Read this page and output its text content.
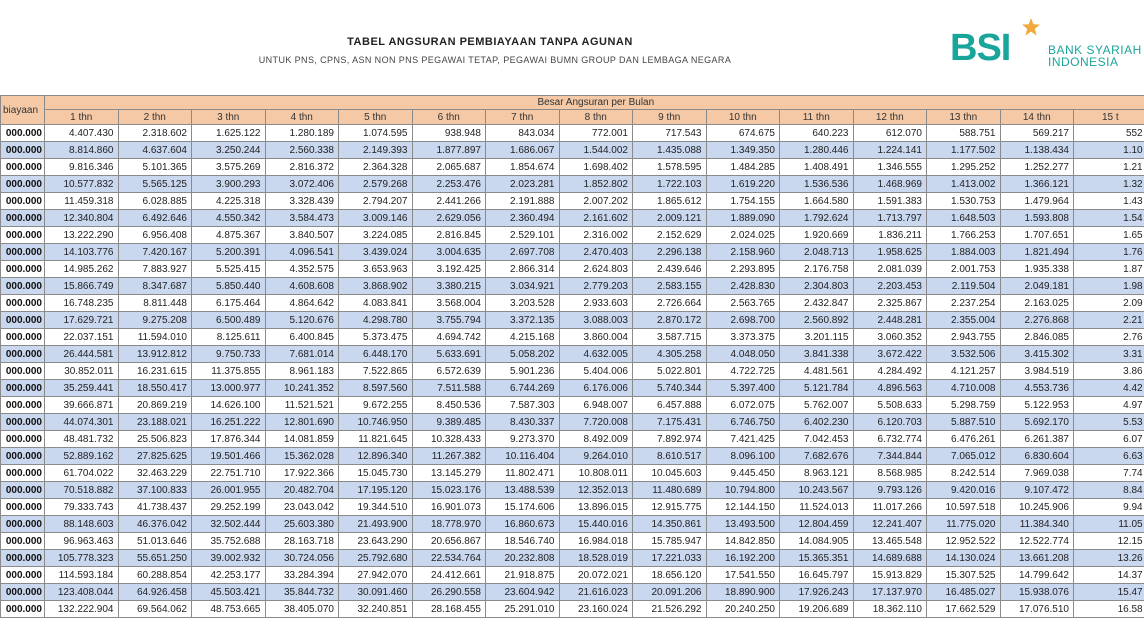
TABEL ANGSURAN PEMBIAYAAN TANPA AGUNAN
UNTUK PNS, CPNS, ASN NON PNS PEGAWAI TETAP, PEGAWAI BUMN GROUP DAN LEMBAGA NEGARA	BSI	BANK SYARIAH
INDONESIA
biayaan	Besar Angsuran per Bulan														
	1 thn	2 thn	3 thn	4 thn	5 thn	6 thn	7 thn	8 thn	9 thn	10 thn	11 thn	12 thn	13 thn	14 thn	15 t
000.000	4.407.430	2.318.602	1.625.122	1.280.189	1.074.595	938.948	843.034	772.001	717.543	674.675	640.223	612.070	588.751	569.217	552
000.000	8.814.860	4.637.604	3.250.244	2.560.338	2.149.393	1.877.897	1.686.067	1.544.002	1.435.088	1.349.350	1.280.446	1.224.141	1.177.502	1.138.434	1.10
000.000	9.816.346	5.101.365	3.575.269	2.816.372	2.364.328	2.065.687	1.854.674	1.698.402	1.578.595	1.484.285	1.408.491	1.346.555	1.295.252	1.252.277	1.21
000.000	10.577.832	5.565.125	3.900.293	3.072.406	2.579.268	2.253.476	2.023.281	1.852.802	1.722.103	1.619.220	1.536.536	1.468.969	1.413.002	1.366.121	1.32
000.000	11.459.318	6.028.885	4.225.318	3.328.439	2.794.207	2.441.266	2.191.888	2.007.202	1.865.612	1.754.155	1.664.580	1.591.383	1.530.753	1.479.964	1.43
000.000	12.340.804	6.492.646	4.550.342	3.584.473	3.009.146	2.629.056	2.360.494	2.161.602	2.009.121	1.889.090	1.792.624	1.713.797	1.648.503	1.593.808	1.54
000.000	13.222.290	6.956.408	4.875.367	3.840.507	3.224.085	2.816.845	2.529.101	2.316.002	2.152.629	2.024.025	1.920.669	1.836.211	1.766.253	1.707.651	1.65
000.000	14.103.776	7.420.167	5.200.391	4.096.541	3.439.024	3.004.635	2.697.708	2.470.403	2.296.138	2.158.960	2.048.713	1.958.625	1.884.003	1.821.494	1.76
000.000	14.985.262	7.883.927	5.525.415	4.352.575	3.653.963	3.192.425	2.866.314	2.624.803	2.439.646	2.293.895	2.176.758	2.081.039	2.001.753	1.935.338	1.87
000.000	15.866.749	8.347.687	5.850.440	4.608.608	3.868.902	3.380.215	3.034.921	2.779.203	2.583.155	2.428.830	2.304.803	2.203.453	2.119.504	2.049.181	1.98
000.000	16.748.235	8.811.448	6.175.464	4.864.642	4.083.841	3.568.004	3.203.528	2.933.603	2.726.664	2.563.765	2.432.847	2.325.867	2.237.254	2.163.025	2.09
000.000	17.629.721	9.275.208	6.500.489	5.120.676	4.298.780	3.755.794	3.372.135	3.088.003	2.870.172	2.698.700	2.560.892	2.448.281	2.355.004	2.276.868	2.21
000.000	22.037.151	11.594.010	8.125.611	6.400.845	5.373.475	4.694.742	4.215.168	3.860.004	3.587.715	3.373.375	3.201.115	3.060.352	2.943.755	2.846.085	2.76
000.000	26.444.581	13.912.812	9.750.733	7.681.014	6.448.170	5.633.691	5.058.202	4.632.005	4.305.258	4.048.050	3.841.338	3.672.422	3.532.506	3.415.302	3.31
000.000	30.852.011	16.231.615	11.375.855	8.961.183	7.522.865	6.572.639	5.901.236	5.404.006	5.022.801	4.722.725	4.481.561	4.284.492	4.121.257	3.984.519	3.86
000.000	35.259.441	18.550.417	13.000.977	10.241.352	8.597.560	7.511.588	6.744.269	6.176.006	5.740.344	5.397.400	5.121.784	4.896.563	4.710.008	4.553.736	4.42
000.000	39.666.871	20.869.219	14.626.100	11.521.521	9.672.255	8.450.536	7.587.303	6.948.007	6.457.888	6.072.075	5.762.007	5.508.633	5.298.759	5.122.953	4.97
000.000	44.074.301	23.188.021	16.251.222	12.801.690	10.746.950	9.389.485	8.430.337	7.720.008	7.175.431	6.746.750	6.402.230	6.120.703	5.887.510	5.692.170	5.53
000.000	48.481.732	25.506.823	17.876.344	14.081.859	11.821.645	10.328.433	9.273.370	8.492.009	7.892.974	7.421.425	7.042.453	6.732.774	6.476.261	6.261.387	6.07
000.000	52.889.162	27.825.625	19.501.466	15.362.028	12.896.340	11.267.382	10.116.404	9.264.010	8.610.517	8.096.100	7.682.676	7.344.844	7.065.012	6.830.604	6.63
000.000	61.704.022	32.463.229	22.751.710	17.922.366	15.045.730	13.145.279	11.802.471	10.808.011	10.045.603	9.445.450	8.963.121	8.568.985	8.242.514	7.969.038	7.74
000.000	70.518.882	37.100.833	26.001.955	20.482.704	17.195.120	15.023.176	13.488.539	12.352.013	11.480.689	10.794.800	10.243.567	9.793.126	9.420.016	9.107.472	8.84
000.000	79.333.743	41.738.437	29.252.199	23.043.042	19.344.510	16.901.073	15.174.606	13.896.015	12.915.775	12.144.150	11.524.013	11.017.266	10.597.518	10.245.906	9.94
000.000	88.148.603	46.376.042	32.502.444	25.603.380	21.493.900	18.778.970	16.860.673	15.440.016	14.350.861	13.493.500	12.804.459	12.241.407	11.775.020	11.384.340	11.05
000.000	96.963.463	51.013.646	35.752.688	28.163.718	23.643.290	20.656.867	18.546.740	16.984.018	15.785.947	14.842.850	14.084.905	13.465.548	12.952.522	12.522.774	12.15
000.000	105.778.323	55.651.250	39.002.932	30.724.056	25.792.680	22.534.764	20.232.808	18.528.019	17.221.033	16.192.200	15.365.351	14.689.688	14.130.024	13.661.208	13.26
000.000	114.593.184	60.288.854	42.253.177	33.284.394	27.942.070	24.412.661	21.918.875	20.072.021	18.656.120	17.541.550	16.645.797	15.913.829	15.307.525	14.799.642	14.37
000.000	123.408.044	64.926.458	45.503.421	35.844.732	30.091.460	26.290.558	23.604.942	21.616.023	20.091.206	18.890.900	17.926.243	17.137.970	16.485.027	15.938.076	15.47
000.000	132.222.904	69.564.062	48.753.665	38.405.070	32.240.851	28.168.455	25.291.010	23.160.024	21.526.292	20.240.250	19.206.689	18.362.110	17.662.529	17.076.510	16.58
